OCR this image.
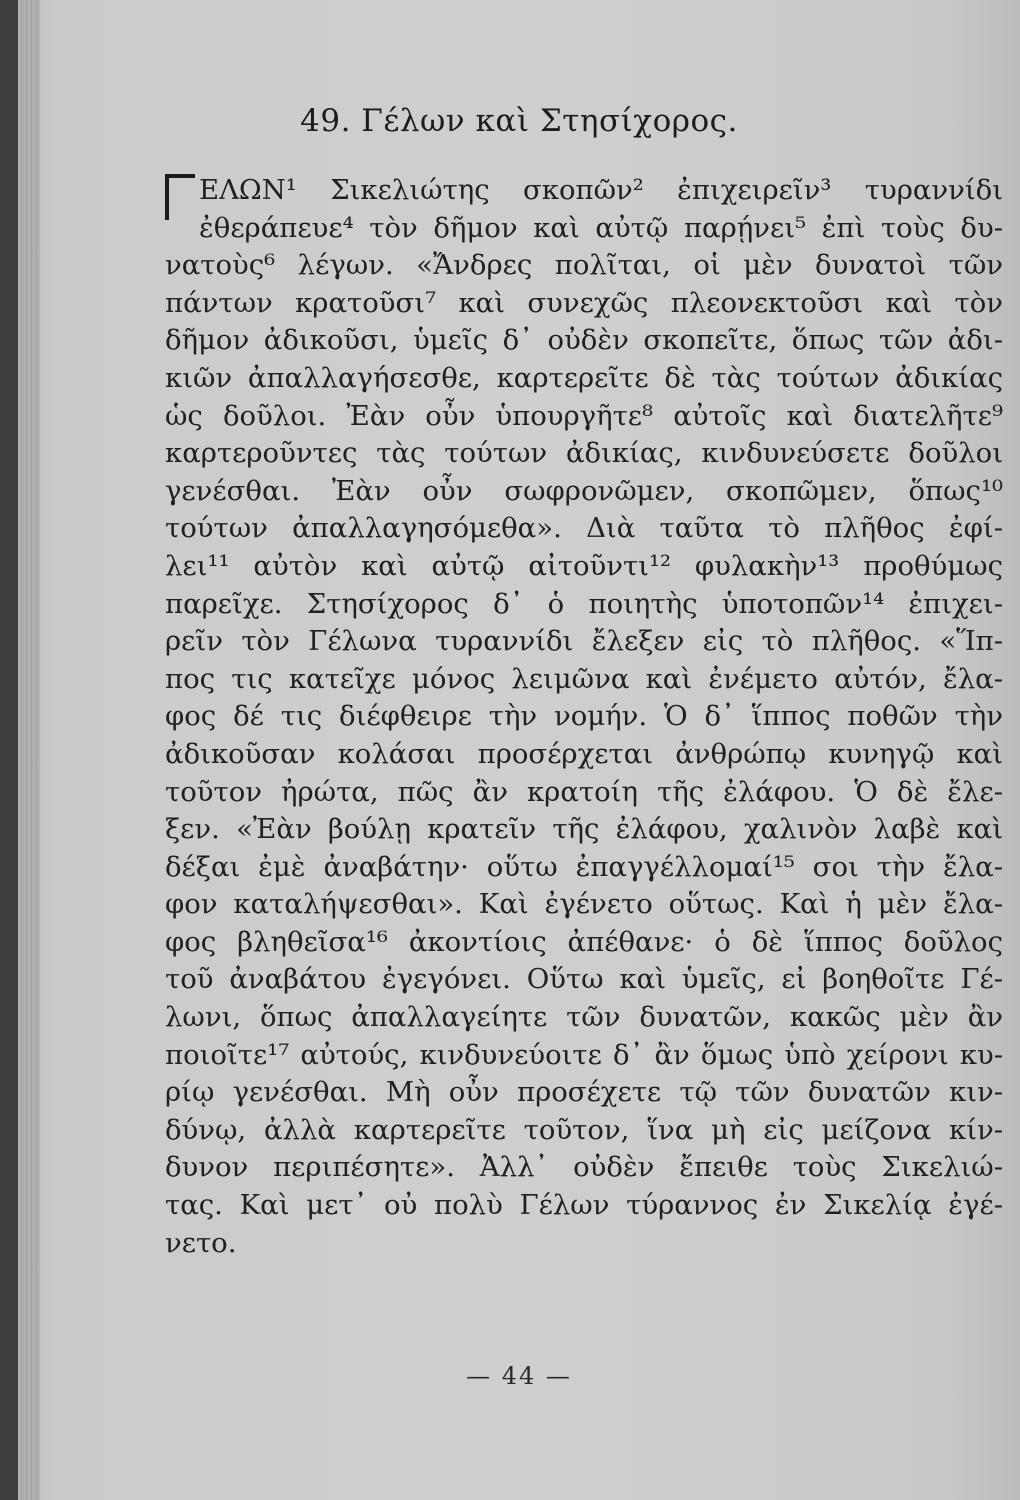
49. Γέλων καὶ Στησίχορος.
ΕΛΩΝ¹ Σικελιώτης σκοπῶν² ἐπιχειρεῖν³ τυραννίδι
ἐθεράπευε⁴ τὸν δῆμον καὶ αὐτῷ παρῄνει⁵ ἐπὶ τοὺς δυ-
νατοὺς⁶ λέγων. «Ἄνδρες πολῖται, οἱ μὲν δυνατοὶ τῶν
πάντων κρατοῦσι⁷ καὶ συνεχῶς πλεονεκτοῦσι καὶ τὸν
δῆμον ἀδικοῦσι, ὑμεῖς δ᾽ οὐδὲν σκοπεῖτε, ὅπως τῶν ἀδι-
κιῶν ἀπαλλαγήσεσθε, καρτερεῖτε δὲ τὰς τούτων ἀδικίας
ὡς δοῦλοι. Ἐὰν οὖν ὑπουργῆτε⁸ αὐτοῖς καὶ διατελῆτε⁹
καρτεροῦντες τὰς τούτων ἀδικίας, κινδυνεύσετε δοῦλοι
γενέσθαι. Ἐὰν οὖν σωφρονῶμεν, σκοπῶμεν, ὅπως¹⁰
τούτων ἀπαλλαγησόμεθα». Διὰ ταῦτα τὸ πλῆθος ἐφί-
λει¹¹ αὐτὸν καὶ αὐτῷ αἰτοῦντι¹² φυλακὴν¹³ προθύμως
παρεῖχε. Στησίχορος δ᾽ ὁ ποιητὴς ὑποτοπῶν¹⁴ ἐπιχει-
ρεῖν τὸν Γέλωνα τυραννίδι ἔλεξεν εἰς τὸ πλῆθος. «Ἵπ-
πος τις κατεῖχε μόνος λειμῶνα καὶ ἐνέμετο αὐτόν, ἔλα-
φος δέ τις διέφθειρε τὴν νομήν. Ὁ δ᾽ ἵππος ποθῶν τὴν
ἀδικοῦσαν κολάσαι προσέρχεται ἀνθρώπῳ κυνηγῷ καὶ
τοῦτον ἠρώτα, πῶς ἂν κρατοίη τῆς ἐλάφου. Ὁ δὲ ἔλε-
ξεν. «Ἐὰν βούλῃ κρατεῖν τῆς ἐλάφου, χαλινὸν λαβὲ καὶ
δέξαι ἐμὲ ἀναβάτην· οὕτω ἐπαγγέλλομαί¹⁵ σοι τὴν ἔλα-
φον καταλήψεσθαι». Καὶ ἐγένετο οὕτως. Καὶ ἡ μὲν ἔλα-
φος βληθεῖσα¹⁶ ἀκοντίοις ἀπέθανε· ὁ δὲ ἵππος δοῦλος
τοῦ ἀναβάτου ἐγεγόνει. Οὕτω καὶ ὑμεῖς, εἰ βοηθοῖτε Γέ-
λωνι, ὅπως ἀπαλλαγείητε τῶν δυνατῶν, κακῶς μὲν ἂν
ποιοῖτε¹⁷ αὐτούς, κινδυνεύοιτε δ᾽ ἂν ὅμως ὑπὸ χείρονι κυ-
ρίῳ γενέσθαι. Μὴ οὖν προσέχετε τῷ τῶν δυνατῶν κιν-
δύνῳ, ἀλλὰ καρτερεῖτε τοῦτον, ἵνα μὴ εἰς μείζονα κίν-
δυνον περιπέσητε». Ἀλλ᾽ οὐδὲν ἔπειθε τοὺς Σικελιώ-
τας. Καὶ μετ᾽ οὐ πολὺ Γέλων τύραννος ἐν Σικελίᾳ ἐγέ-
νετο.

— 44 —
